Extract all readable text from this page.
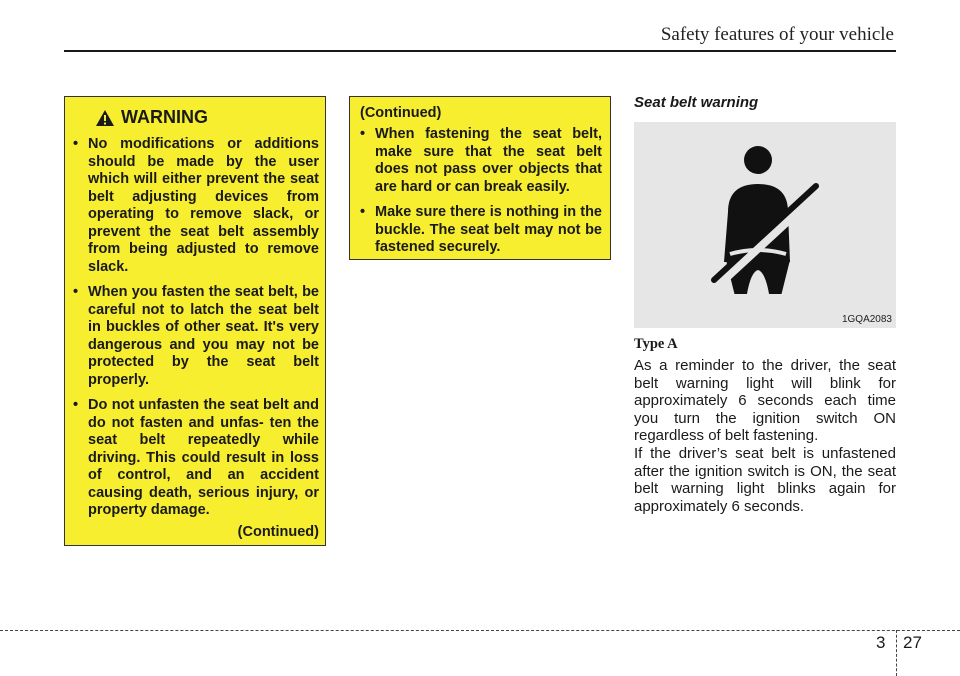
Safety features of your vehicle
WARNING
• No modifications or additions should be made by the user which will either prevent the seat belt adjusting devices from operating to remove slack, or prevent the seat belt assembly from being adjusted to remove slack.
• When you fasten the seat belt, be careful not to latch the seat belt in buckles of other seat. It's very dangerous and you may not be protected by the seat belt properly.
• Do not unfasten the seat belt and do not fasten and unfas- ten the seat belt repeatedly while driving. This could result in loss of control, and an accident causing death, serious injury, or property damage.
(Continued)
(Continued)
• When fastening the seat belt, make sure that the seat belt does not pass over objects that are hard or can break easily.
• Make sure there is nothing in the buckle. The seat belt may not be fastened securely.
Seat belt warning
1GQA2083
Type A

As a reminder to the driver, the seat belt warning light will blink for approximately 6 seconds each time you turn the ignition switch ON regardless of belt fastening.

If the driver’s seat belt is unfastened after the ignition switch is ON, the seat belt warning light blinks again for approximately 6 seconds.

3 27
